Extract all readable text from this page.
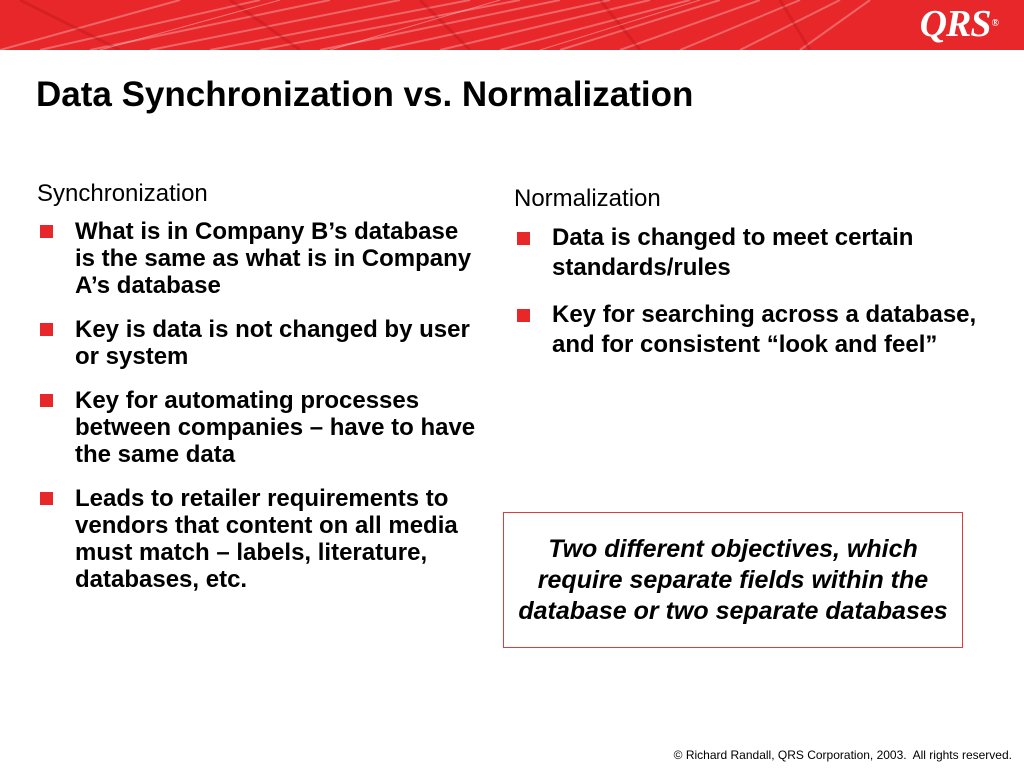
QRS®
Data Synchronization vs. Normalization
Synchronization
What is in Company B’s database is the same as what is in Company A’s database
Key is data is not changed by user or system
Key for automating processes between companies – have to have the same data
Leads to retailer requirements to vendors that content on all media must match – labels, literature, databases, etc.
Normalization
Data is changed to meet certain standards/rules
Key for searching across a database, and for consistent “look and feel”
Two different objectives, which require separate fields within the database or two separate databases
© Richard Randall, QRS Corporation, 2003.  All rights reserved.
